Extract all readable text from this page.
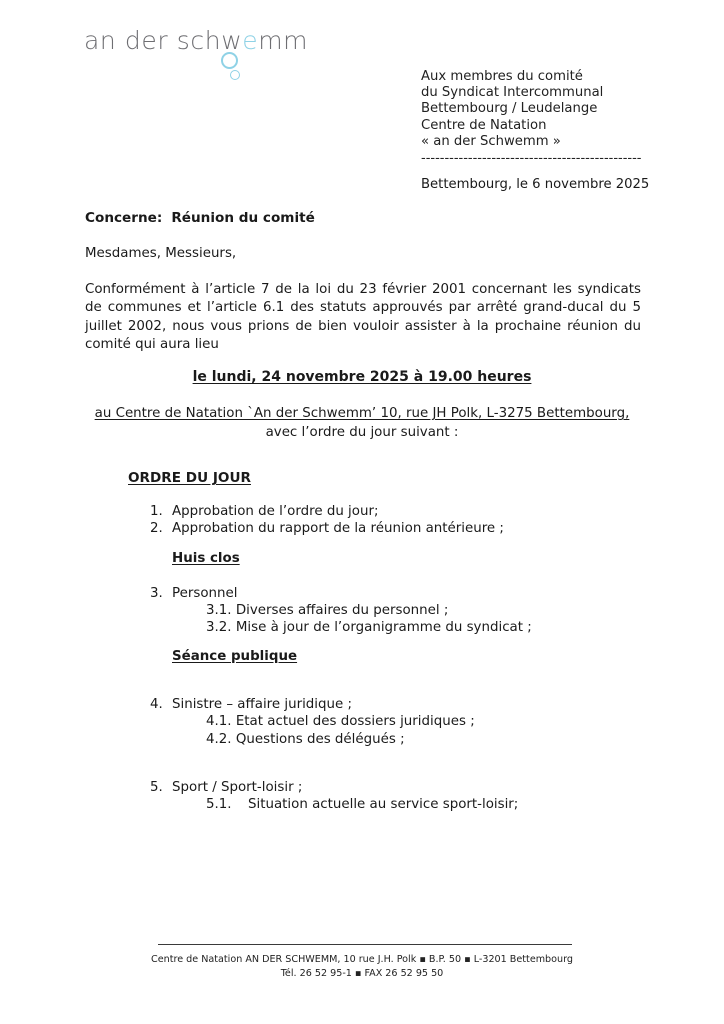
an der schwemm
Aux membres du comité
du Syndicat Intercommunal
Bettembourg / Leudelange
Centre de Natation
« an der Schwemm »
-----------------------------------------------
Bettembourg, le 6 novembre 2025
Concerne: Réunion du comité
Mesdames, Messieurs,
Conformément à l’article 7 de la loi du 23 février 2001 concernant les syndicats de communes et l’article 6.1 des statuts approuvés par arrêté grand-ducal du 5 juillet 2002, nous vous prions de bien vouloir assister à la prochaine réunion du comité qui aura lieu
le lundi, 24 novembre 2025 à 19.00 heures
au Centre de Natation `An der Schwemm’ 10, rue JH Polk, L-3275 Bettembourg,
avec l’ordre du jour suivant :
ORDRE DU JOUR
1. Approbation de l’ordre du jour;
2. Approbation du rapport de la réunion antérieure ;
Huis clos
3. Personnel
3.1. Diverses affaires du personnel ;
3.2. Mise à jour de l’organigramme du syndicat ;
Séance publique
4. Sinistre – affaire juridique ;
4.1. Etat actuel des dossiers juridiques ;
4.2. Questions des délégués ;
5. Sport / Sport-loisir ;
5.1. Situation actuelle au service sport-loisir;
Centre de Natation AN DER SCHWEMM, 10 rue J.H. Polk ▪ B.P. 50 ▪ L-3201 Bettembourg
Tél. 26 52 95-1 ▪ FAX 26 52 95 50
